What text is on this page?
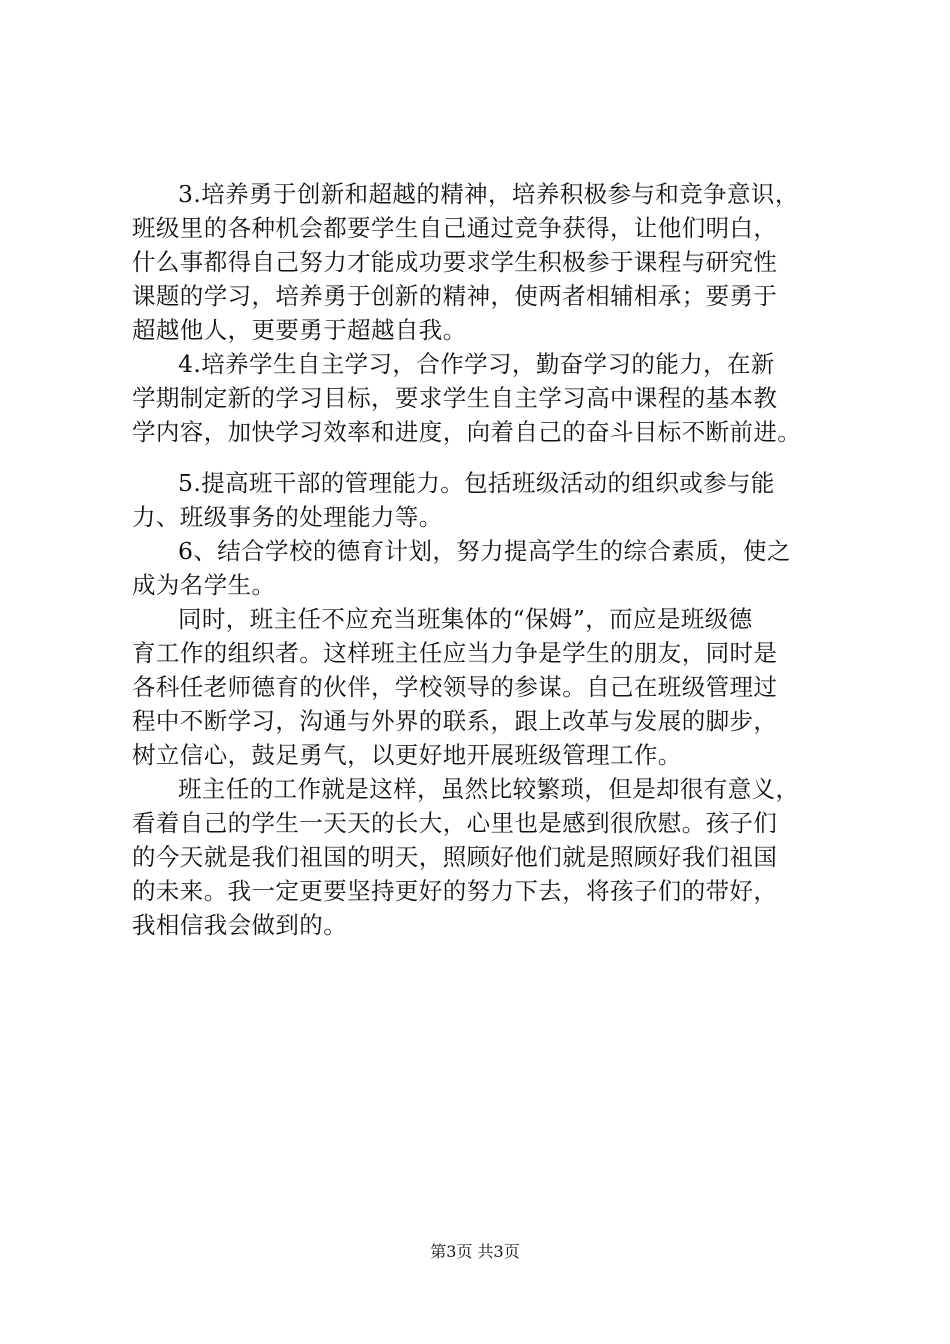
3.培养勇于创新和超越的精神，培养积极参与和竞争意识，
班级里的各种机会都要学生自己通过竞争获得，让他们明白，
什么事都得自己努力才能成功要求学生积极参于课程与研究性
课题的学习，培养勇于创新的精神，使两者相辅相承；要勇于
超越他人，更要勇于超越自我。
4.培养学生自主学习，合作学习，勤奋学习的能力，在新
学期制定新的学习目标，要求学生自主学习高中课程的基本教
学内容，加快学习效率和进度，向着自己的奋斗目标不断前进。
5.提高班干部的管理能力。包括班级活动的组织或参与能
力、班级事务的处理能力等。
6、结合学校的德育计划，努力提高学生的综合素质，使之
成为名学生。
同时，班主任不应充当班集体的“保姆”，而应是班级德
育工作的组织者。这样班主任应当力争是学生的朋友，同时是
各科任老师德育的伙伴，学校领导的参谋。自己在班级管理过
程中不断学习，沟通与外界的联系，跟上改革与发展的脚步，
树立信心，鼓足勇气，以更好地开展班级管理工作。
班主任的工作就是这样，虽然比较繁琐，但是却很有意义，
看着自己的学生一天天的长大，心里也是感到很欣慰。孩子们
的今天就是我们祖国的明天，照顾好他们就是照顾好我们祖国
的未来。我一定更要坚持更好的努力下去，将孩子们的带好，
我相信我会做到的。
第3页 共3页
